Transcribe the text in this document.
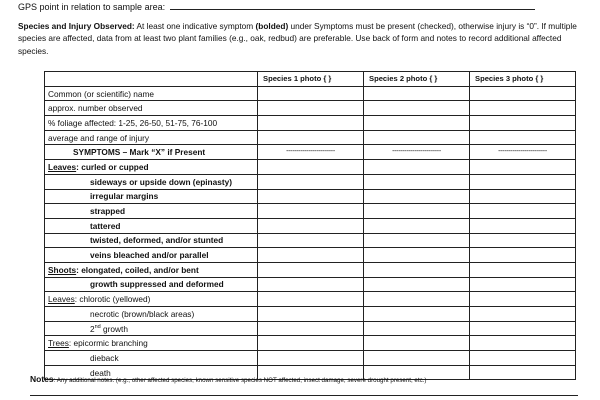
GPS point in relation to sample area:
Species and Injury Observed: At least one indicative symptom (bolded) under Symptoms must be present (checked), otherwise injury is “0”. If multiple species are affected, data from at least two plant families (e.g., oak, redbud) are preferable. Use back of form and notes to record additional affected species.
	Species 1 photo { }	Species 2 photo { }	Species 3 photo { }
Common (or scientific) name			
approx. number observed			
% foliage affected: 1-25, 26-50, 51-75, 76-100			
average and range of injury			
SYMPTOMS – Mark “X” if Present	------------------------	------------------------	------------------------
Leaves: curled or cupped			
sideways or upside down (epinasty)			
irregular margins			
strapped			
tattered			
twisted, deformed, and/or stunted			
veins bleached and/or parallel			
Shoots: elongated, coiled, and/or bent			
growth suppressed and deformed			
Leaves: chlorotic (yellowed)			
necrotic (brown/black areas)			
2nd growth			
Trees: epicormic branching			
dieback			
death			
Notes: Any additional notes. (e.g., other affected species, known sensitive species NOT affected, insect damage, severe drought present, etc.)
